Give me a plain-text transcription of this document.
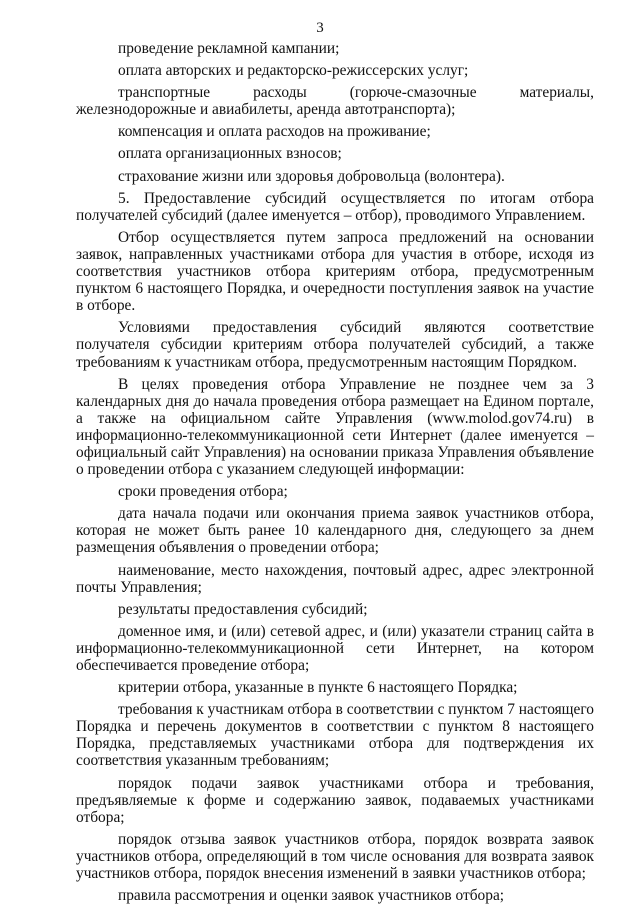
3

проведение рекламной кампании;

оплата авторских и редакторско-режиссерских услуг;

транспортные расходы (горюче-смазочные материалы, железнодорожные и авиабилеты, аренда автотранспорта);

компенсация и оплата расходов на проживание;

оплата организационных взносов;

страхование жизни или здоровья добровольца (волонтера).

5. Предоставление субсидий осуществляется по итогам отбора получателей субсидий (далее именуется – отбор), проводимого Управлением.

Отбор осуществляется путем запроса предложений на основании заявок, направленных участниками отбора для участия в отборе, исходя из соответствия участников отбора критериям отбора, предусмотренным пунктом 6 настоящего Порядка, и очередности поступления заявок на участие в отборе.

Условиями предоставления субсидий являются соответствие получателя субсидии критериям отбора получателей субсидий, а также требованиям к участникам отбора, предусмотренным настоящим Порядком.

В целях проведения отбора Управление не позднее чем за 3 календарных дня до начала проведения отбора размещает на Едином портале, а также на официальном сайте Управления (www.molod.gov74.ru) в информационно-телекоммуникационной сети Интернет (далее именуется – официальный сайт Управления) на основании приказа Управления объявление о проведении отбора с указанием следующей информации:

сроки проведения отбора;

дата начала подачи или окончания приема заявок участников отбора, которая не может быть ранее 10 календарного дня, следующего за днем размещения объявления о проведении отбора;

наименование, место нахождения, почтовый адрес, адрес электронной почты Управления;

результаты предоставления субсидий;

доменное имя, и (или) сетевой адрес, и (или) указатели страниц сайта в информационно-телекоммуникационной сети Интернет, на котором обеспечивается проведение отбора;

критерии отбора, указанные в пункте 6 настоящего Порядка;

требования к участникам отбора в соответствии с пунктом 7 настоящего Порядка и перечень документов в соответствии с пунктом 8 настоящего Порядка, представляемых участниками отбора для подтверждения их соответствия указанным требованиям;

порядок подачи заявок участниками отбора и требования, предъявляемые к форме и содержанию заявок, подаваемых участниками отбора;

порядок отзыва заявок участников отбора, порядок возврата заявок участников отбора, определяющий в том числе основания для возврата заявок участников отбора, порядок внесения изменений в заявки участников отбора;

правила рассмотрения и оценки заявок участников отбора;
